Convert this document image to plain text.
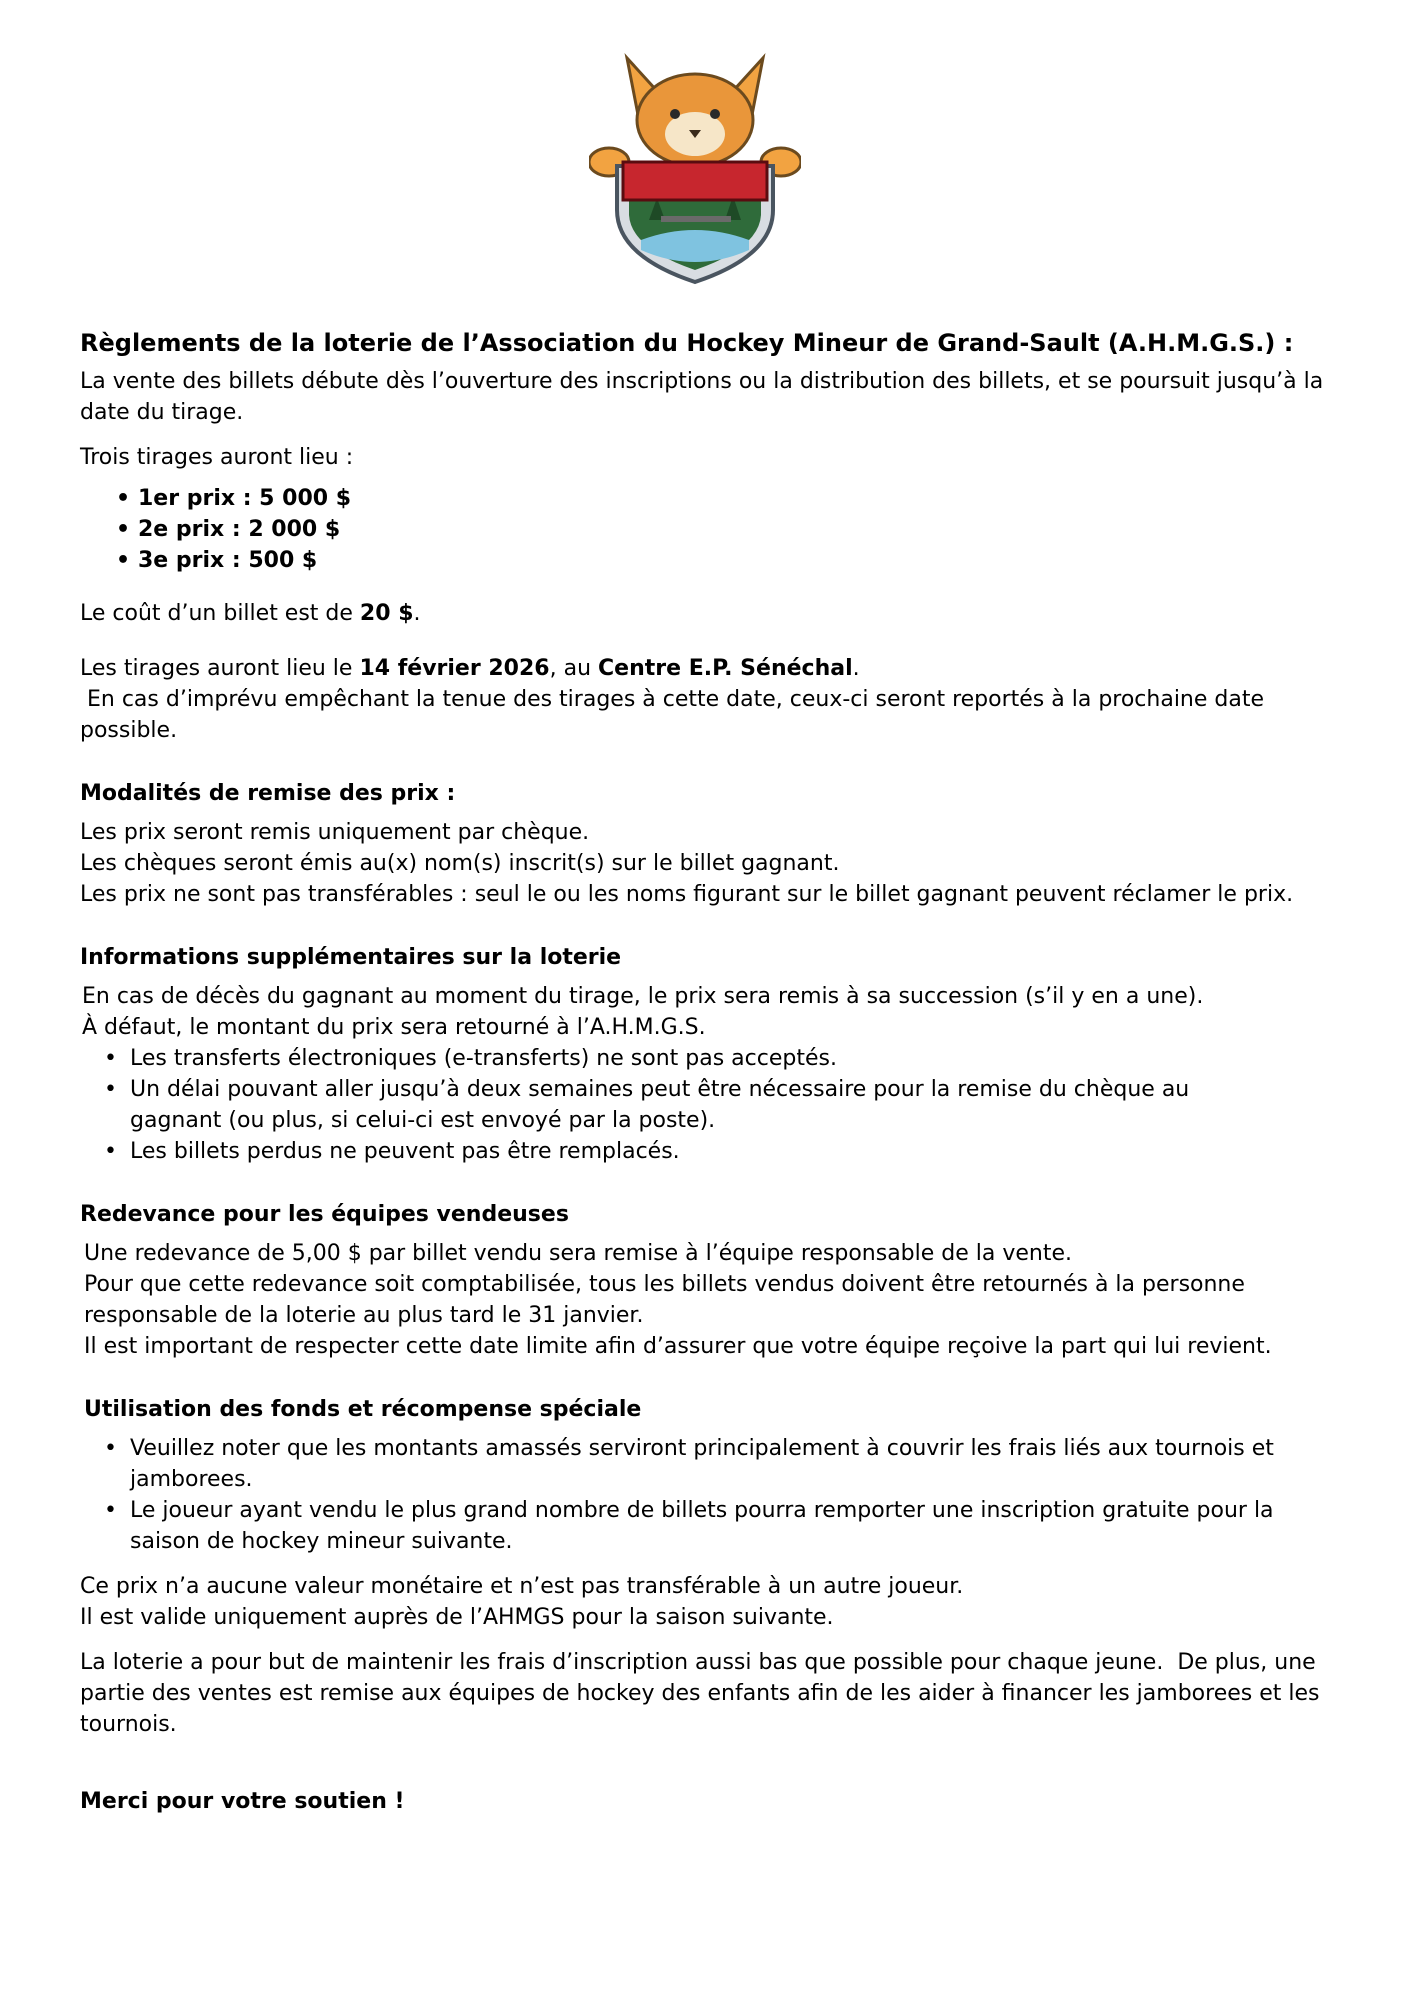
Règlements de la loterie de l’Association du Hockey Mineur de Grand-Sault (A.H.M.G.S.) :

La vente des billets débute dès l’ouverture des inscriptions ou la distribution des billets, et se poursuit jusqu’à la date du tirage.

Trois tirages auront lieu :

• 1er prix : 5 000 $
• 2e prix : 2 000 $
• 3e prix : 500 $

Le coût d’un billet est de 20 $.

Les tirages auront lieu le 14 février 2026, au Centre E.P. Sénéchal.

En cas d’imprévu empêchant la tenue des tirages à cette date, ceux-ci seront reportés à la prochaine date possible.

Modalités de remise des prix :

Les prix seront remis uniquement par chèque.

Les chèques seront émis au(x) nom(s) inscrit(s) sur le billet gagnant.

Les prix ne sont pas transférables : seul le ou les noms figurant sur le billet gagnant peuvent réclamer le prix.

Informations supplémentaires sur la loterie

En cas de décès du gagnant au moment du tirage, le prix sera remis à sa succession (s’il y en a une).

À défaut, le montant du prix sera retourné à l’A.H.M.G.S.

• Les transferts électroniques (e-transferts) ne sont pas acceptés.
• Un délai pouvant aller jusqu’à deux semaines peut être nécessaire pour la remise du chèque au gagnant (ou plus, si celui-ci est envoyé par la poste).
• Les billets perdus ne peuvent pas être remplacés.

Redevance pour les équipes vendeuses

Une redevance de 5,00 $ par billet vendu sera remise à l’équipe responsable de la vente.

Pour que cette redevance soit comptabilisée, tous les billets vendus doivent être retournés à la personne responsable de la loterie au plus tard le 31 janvier.

Il est important de respecter cette date limite afin d’assurer que votre équipe reçoive la part qui lui revient.

Utilisation des fonds et récompense spéciale

• Veuillez noter que les montants amassés serviront principalement à couvrir les frais liés aux tournois et jamborees.
• Le joueur ayant vendu le plus grand nombre de billets pourra remporter une inscription gratuite pour la saison de hockey mineur suivante.

Ce prix n’a aucune valeur monétaire et n’est pas transférable à un autre joueur.

Il est valide uniquement auprès de l’AHMGS pour la saison suivante.

La loterie a pour but de maintenir les frais d’inscription aussi bas que possible pour chaque jeune.  De plus, une partie des ventes est remise aux équipes de hockey des enfants afin de les aider à financer les jamborees et les tournois.

Merci pour votre soutien !
